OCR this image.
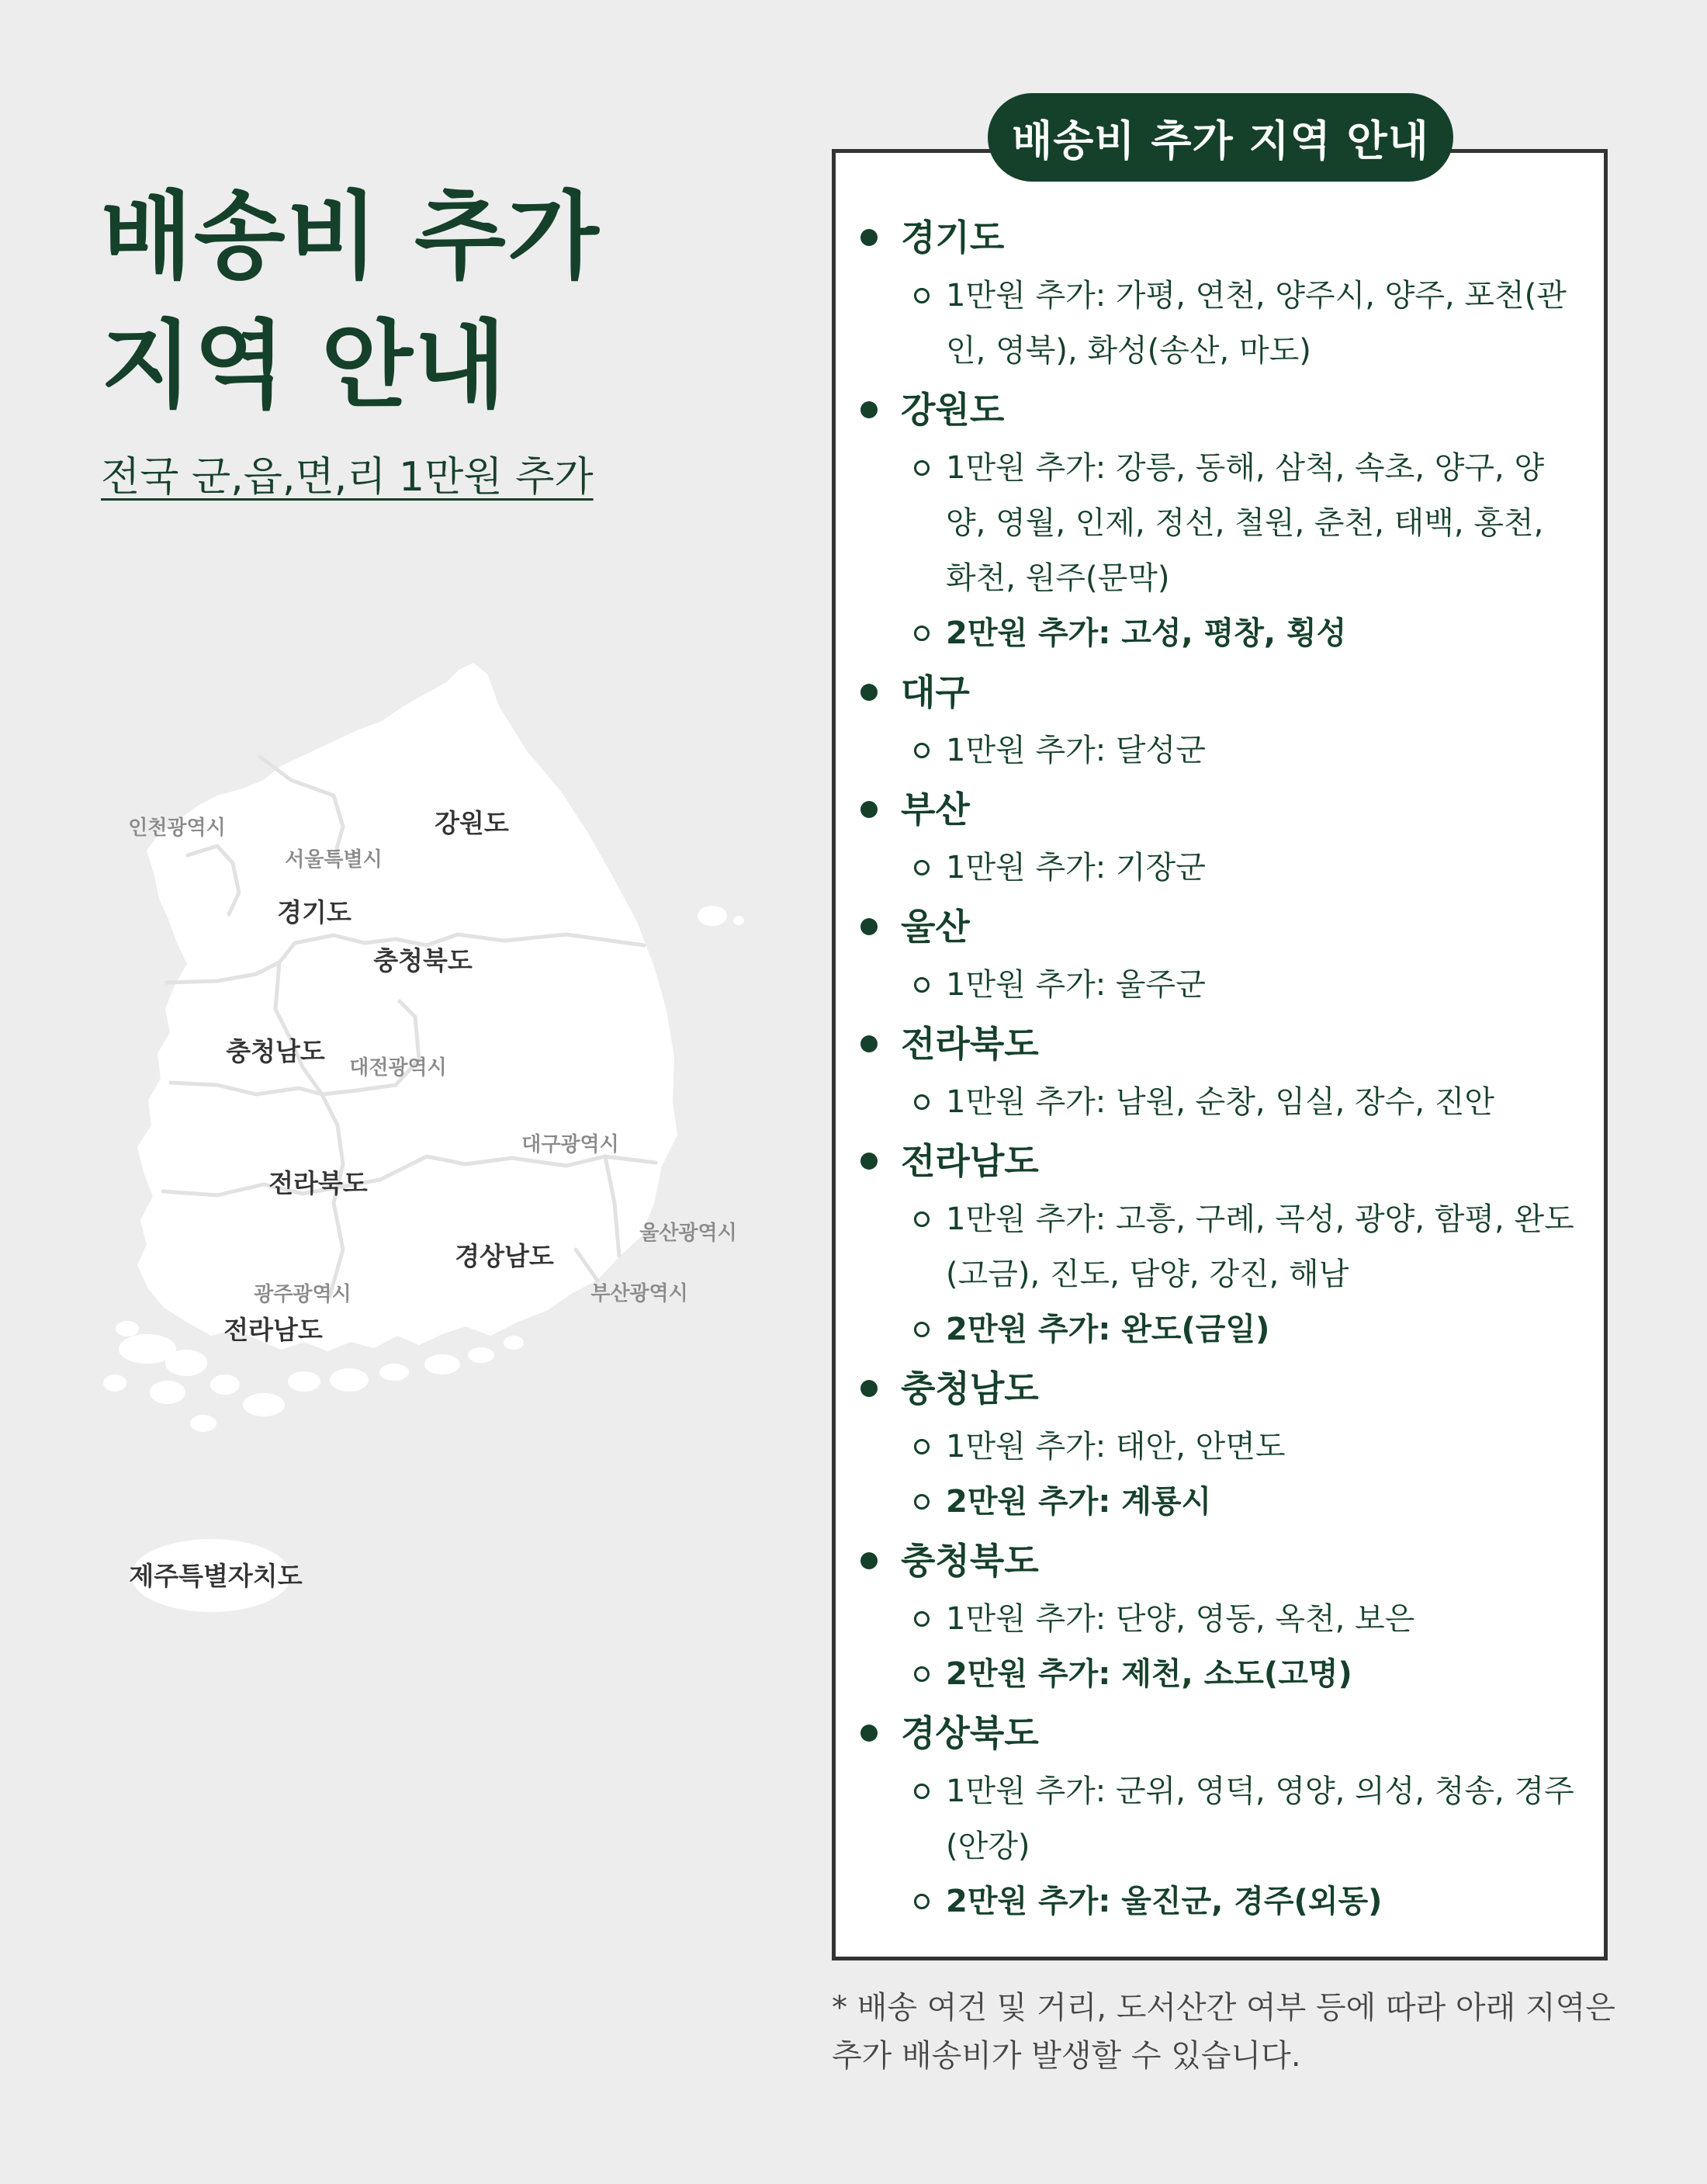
배송비 추가
지역 안내
전국 군,읍,면,리 1만원 추가
인천광역시
서울특별시
강원도
경기도
충청북도
충청남도
대전광역시
대구광역시
전라북도
울산광역시
경상남도
광주광역시	부산광역시
전라남도
제주특별자치도
배송비 추가 지역 안내
경기도
1만원 추가: 가평, 연천, 양주시, 양주, 포천(관인, 영북), 화성(송산, 마도)
강원도
1만원 추가: 강릉, 동해, 삼척, 속초, 양구, 양양, 영월, 인제, 정선, 철원, 춘천, 태백, 홍천, 화천, 원주(문막)
2만원 추가: 고성, 평창, 횡성
대구
1만원 추가: 달성군
부산
1만원 추가: 기장군
울산
1만원 추가: 울주군
전라북도
1만원 추가: 남원, 순창, 임실, 장수, 진안
전라남도
1만원 추가: 고흥, 구례, 곡성, 광양, 함평, 완도(고금), 진도, 담양, 강진, 해남
2만원 추가: 완도(금일)
충청남도
1만원 추가: 태안, 안면도
2만원 추가: 계룡시
충청북도
1만원 추가: 단양, 영동, 옥천, 보은
2만원 추가: 제천, 소도(고명)
경상북도
1만원 추가: 군위, 영덕, 영양, 의성, 청송, 경주(안강)
2만원 추가: 울진군, 경주(외동)

* 배송 여건 및 거리, 도서산간 여부 등에 따라 아래 지역은 추가 배송비가 발생할 수 있습니다.
